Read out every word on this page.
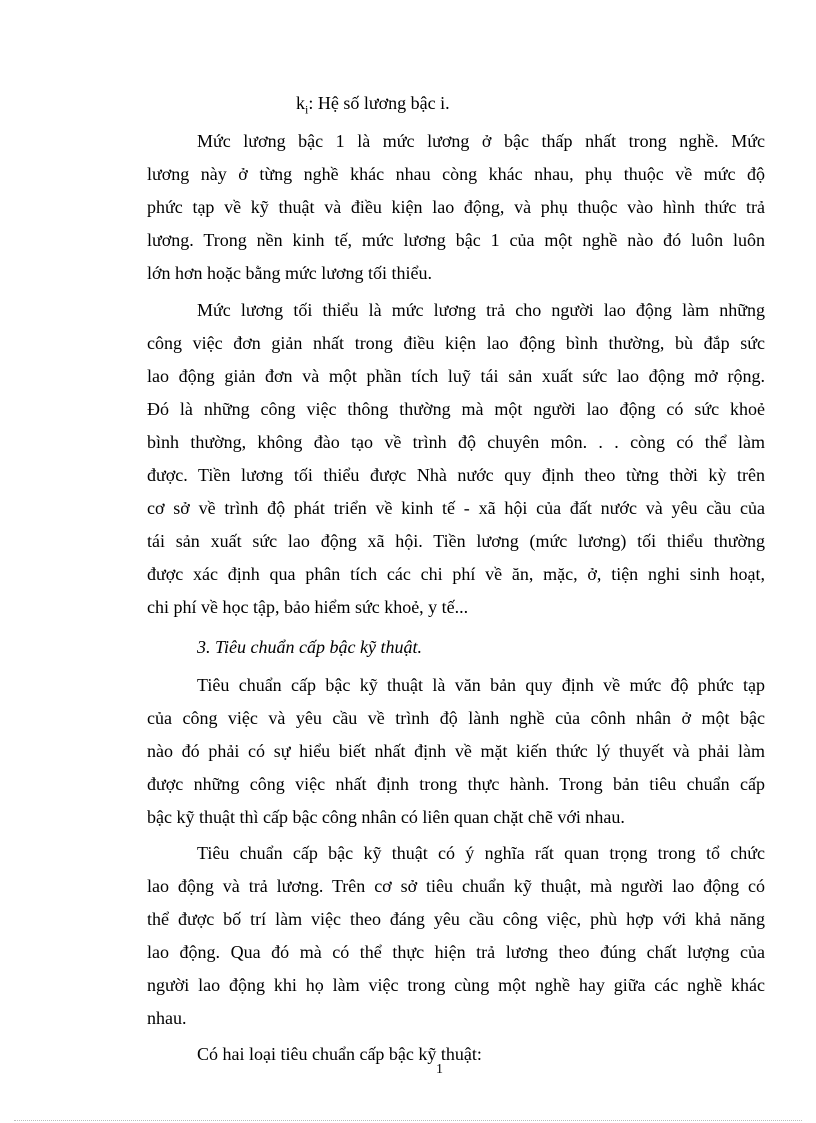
$k_i$: Hệ số lương bậc i.
Mức lương bậc 1 là mức lương ở bậc thấp nhất trong nghề. Mức
lương này ở từng nghề khác nhau còng khác nhau, phụ thuộc về mức độ
phức tạp về kỹ thuật và điều kiện lao động, và phụ thuộc vào hình thức trả
lương. Trong nền kinh tế, mức lương bậc 1 của một nghề nào đó luôn luôn
lớn hơn hoặc bằng mức lương tối thiểu.
Mức lương tối thiểu là mức lương trả cho người lao động làm những
công việc đơn giản nhất trong điều kiện lao động bình thường, bù đắp sức
lao động giản đơn và một phần tích luỹ tái sản xuất sức lao động mở rộng.
Đó là những công việc thông thường mà một người lao động có sức khoẻ
bình thường, không đào tạo về trình độ chuyên môn. . . còng có thể làm
được. Tiền lương tối thiểu được Nhà nước quy định theo từng thời kỳ trên
cơ sở về trình độ phát triển về kinh tế - xã hội của đất nước và yêu cầu của
tái sản xuất sức lao động xã hội. Tiền lương (mức lương) tối thiểu thường
được xác định qua phân tích các chi phí về ăn, mặc, ở, tiện nghi sinh hoạt,
chi phí về học tập, bảo hiểm sức khoẻ, y tế...
3. Tiêu chuẩn cấp bậc kỹ thuật.
Tiêu chuẩn cấp bậc kỹ thuật là văn bản quy định về mức độ phức tạp
của công việc và yêu cầu về trình độ lành nghề của cônh nhân ở một bậc
nào đó phải có sự hiểu biết nhất định về mặt kiến thức lý thuyết và phải làm
được những công việc nhất định trong thực hành. Trong bản tiêu chuẩn cấp
bậc kỹ thuật thì cấp bậc công nhân có liên quan chặt chẽ với nhau.
Tiêu chuẩn cấp bậc kỹ thuật có ý nghĩa rất quan trọng trong tổ chức
lao động và trả lương. Trên cơ sở tiêu chuẩn kỹ thuật, mà người lao động có
thể được bố trí làm việc theo đáng yêu cầu công việc, phù hợp với khả năng
lao động. Qua đó mà có thể thực hiện trả lương theo đúng chất lượng của
người lao động khi họ làm việc trong cùng một nghề hay giữa các nghề khác
nhau.
Có hai loại tiêu chuẩn cấp bậc kỹ thuật:
1
